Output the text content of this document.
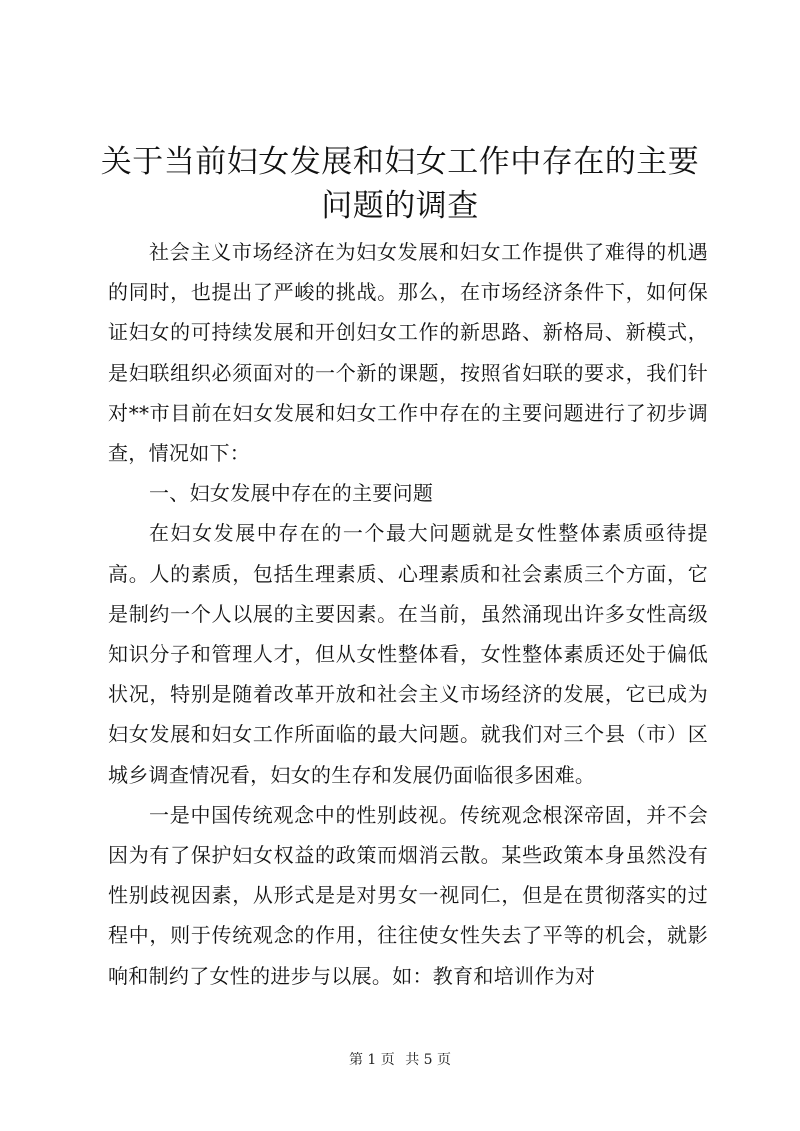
关于当前妇女发展和妇女工作中存在的主要问题的调查

社会主义市场经济在为妇女发展和妇女工作提供了难得的机遇的同时，也提出了严峻的挑战。那么，在市场经济条件下，如何保证妇女的可持续发展和开创妇女工作的新思路、新格局、新模式，是妇联组织必须面对的一个新的课题，按照省妇联的要求，我们针对**市目前在妇女发展和妇女工作中存在的主要问题进行了初步调查，情况如下：

一、妇女发展中存在的主要问题

在妇女发展中存在的一个最大问题就是女性整体素质亟待提高。人的素质，包括生理素质、心理素质和社会素质三个方面，它是制约一个人以展的主要因素。在当前，虽然涌现出许多女性高级知识分子和管理人才，但从女性整体看，女性整体素质还处于偏低状况，特别是随着改革开放和社会主义市场经济的发展，它已成为妇女发展和妇女工作所面临的最大问题。就我们对三个县（市）区城乡调查情况看，妇女的生存和发展仍面临很多困难。

一是中国传统观念中的性别歧视。传统观念根深帝固，并不会因为有了保护妇女权益的政策而烟消云散。某些政策本身虽然没有性别歧视因素，从形式是是对男女一视同仁，但是在贯彻落实的过程中，则于传统观念的作用，往往使女性失去了平等的机会，就影响和制约了女性的进步与以展。如：教育和培训作为对

第 1 页 共 5 页
